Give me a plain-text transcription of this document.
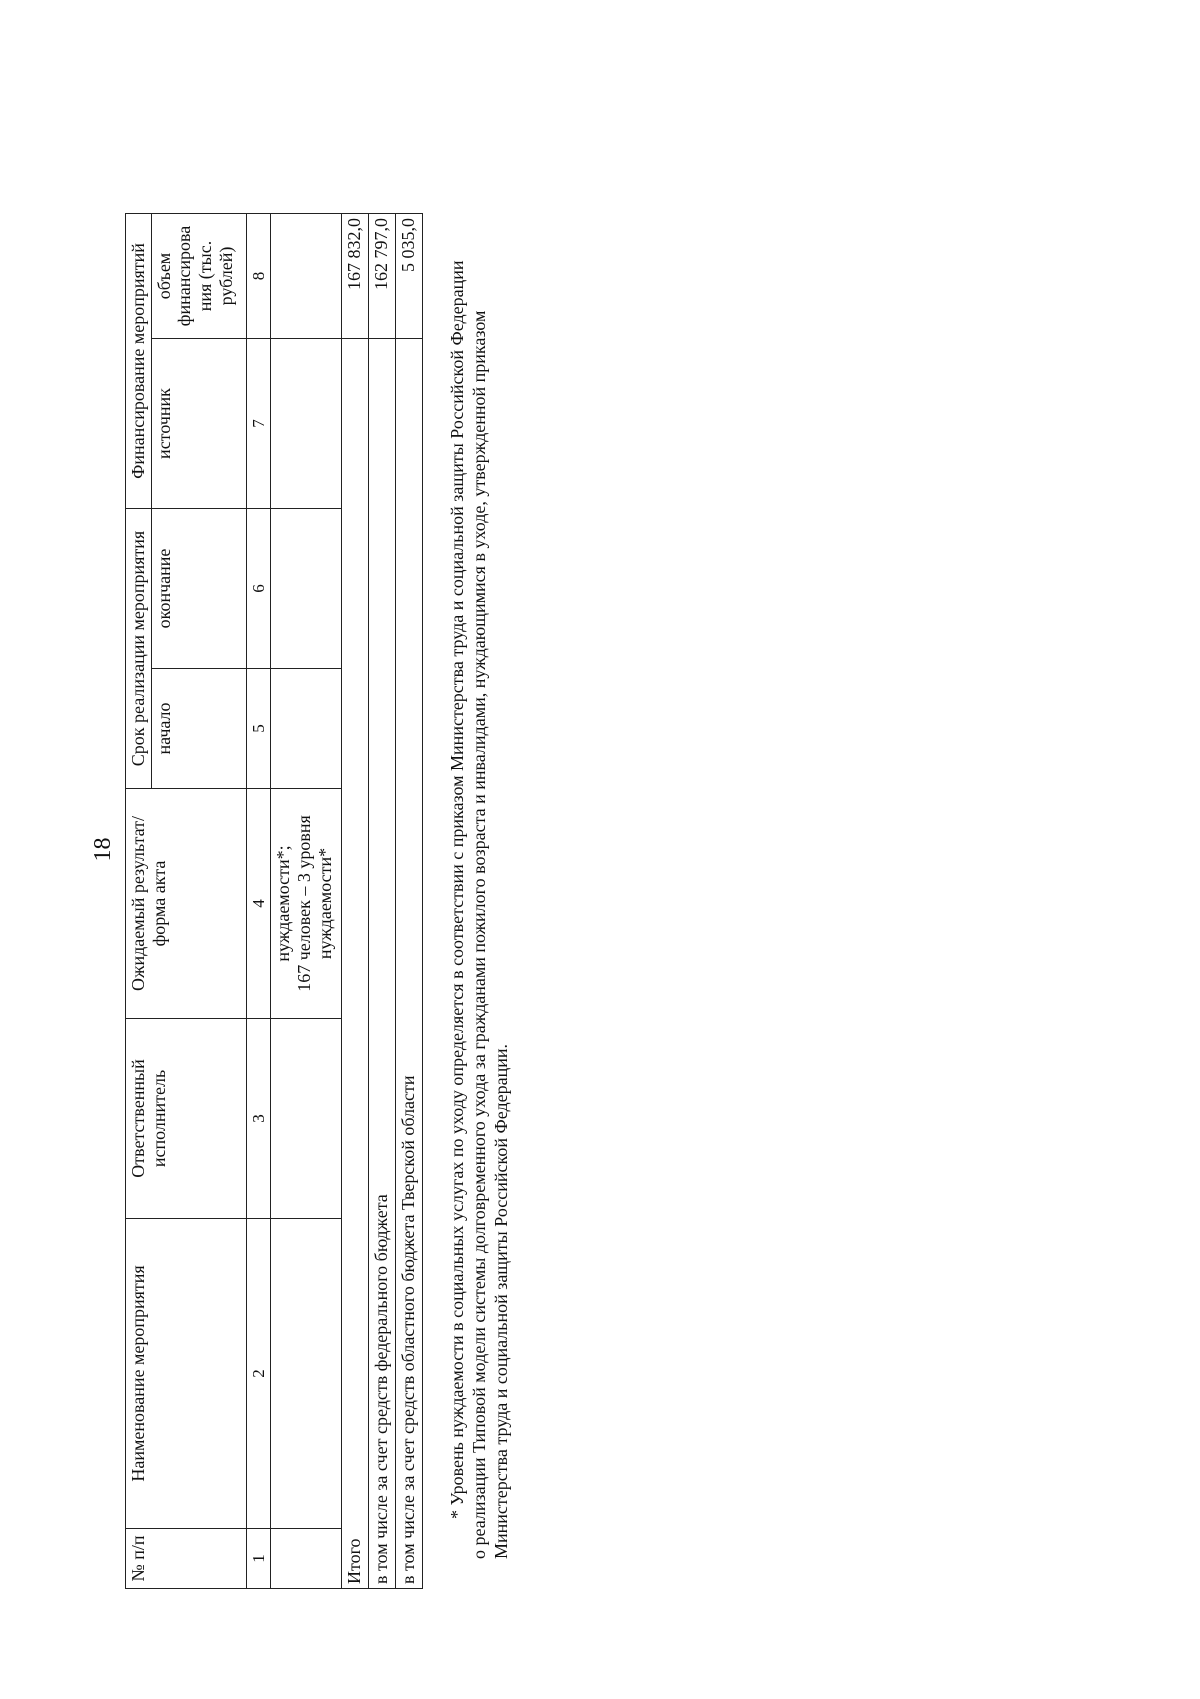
18
№ п/п	Наименование мероприятия	Ответственный исполнитель	Ожидаемый результат/форма акта	Срок реализации мероприятия		Финансирование мероприятий	
				начало	окончание	источник	объем финансирова ния (тыс. рублей)
1	2	3	4	5	6	7	8

			нуждаемости*; 167 человек – 3 уровня нуждаемости*				

Итого							167 832,0
в том числе за счет средств федерального бюджета							162 797,0
в том числе за счет средств областного бюджета Тверской области							5 035,0

* Уровень нуждаемости в социальных услугах по уходу определяется в соответствии с приказом Министерства труда и социальной защиты Российской Федерации о реализации Типовой модели системы долговременного ухода за гражданами пожилого возраста и инвалидами, нуждающимися в уходе, утвержденной приказом Министерства труда и социальной защиты Российской Федерации.
